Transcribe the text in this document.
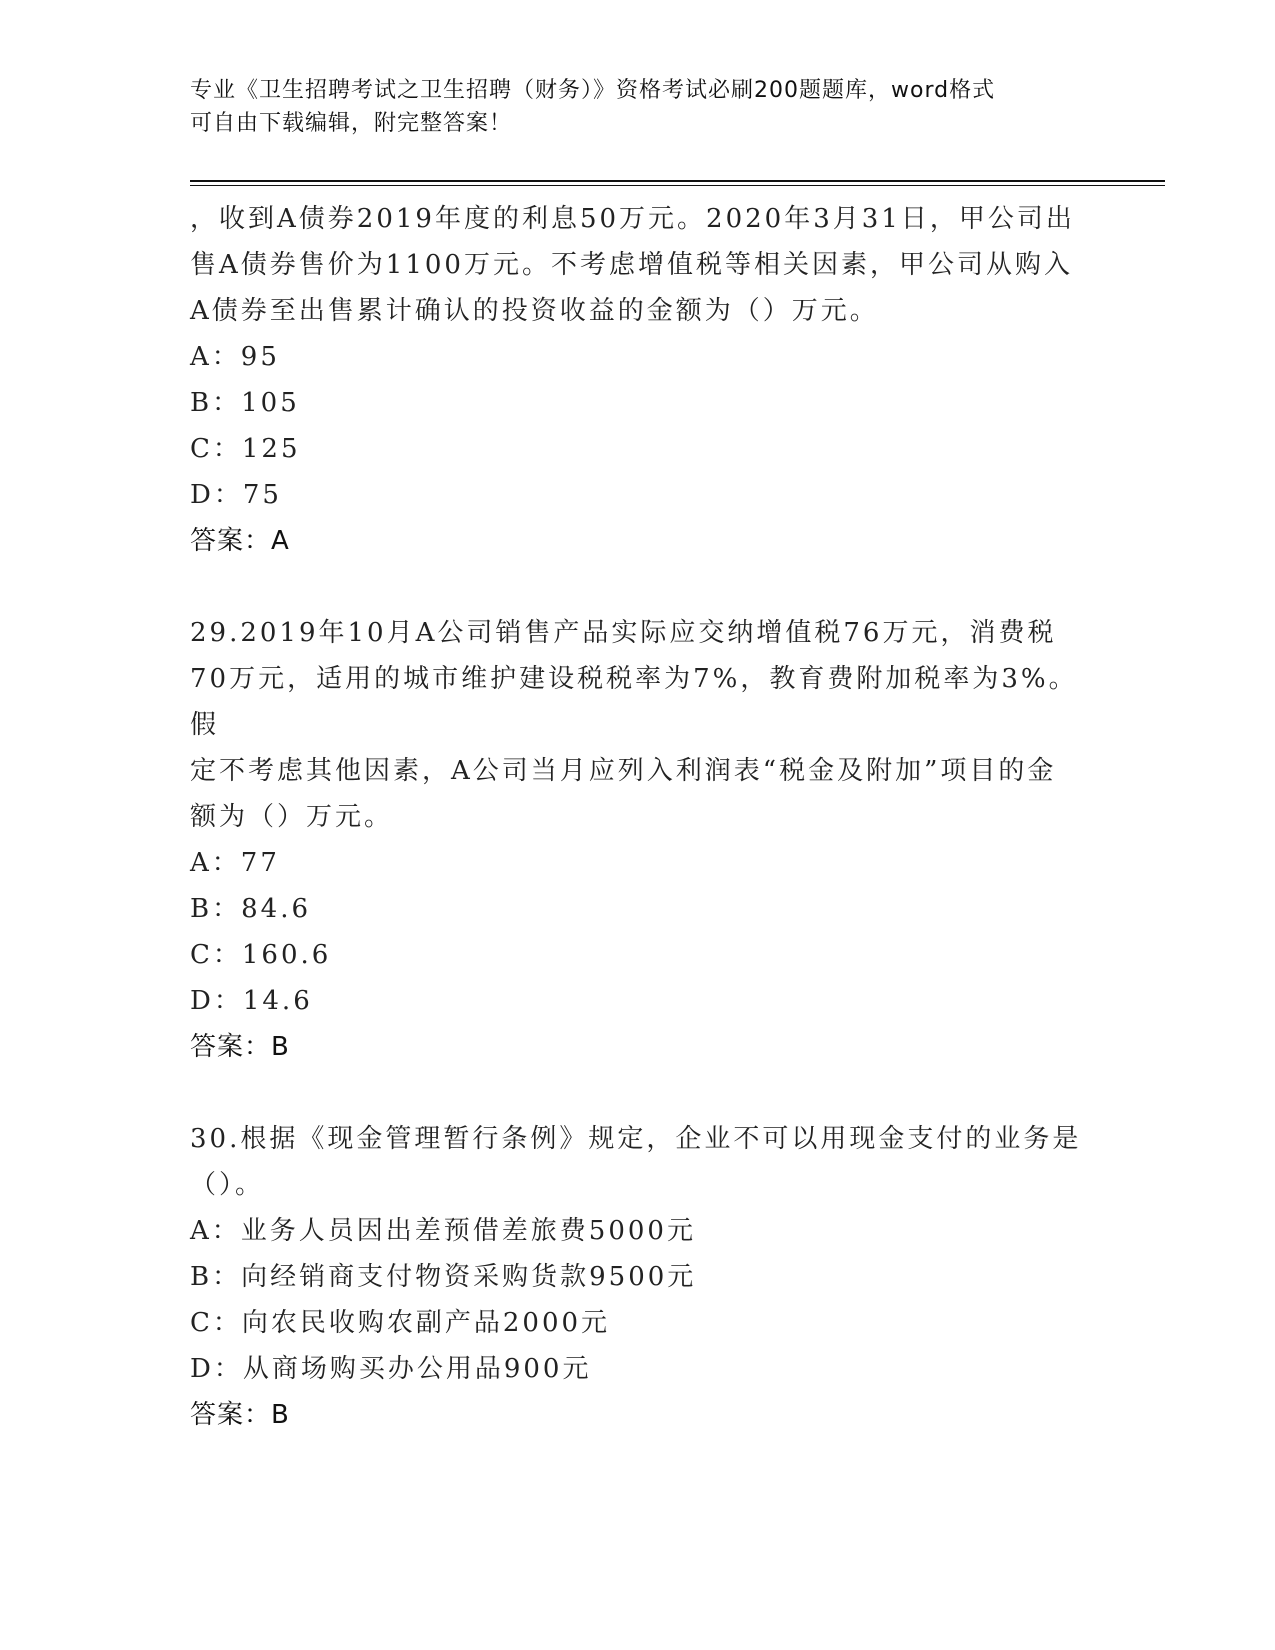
专业《卫生招聘考试之卫生招聘（财务）》资格考试必刷200题题库，word格式
可自由下载编辑，附完整答案！

，收到A债券2019年度的利息50万元。2020年3月31日，甲公司出

售A债券售价为1100万元。不考虑增值税等相关因素，甲公司从购入

A债券至出售累计确认的投资收益的金额为（）万元。

A：95

B：105

C：125

D：75

答案：A

29.2019年10月A公司销售产品实际应交纳增值税76万元，消费税

70万元，适用的城市维护建设税税率为7%，教育费附加税率为3%。假

定不考虑其他因素，A公司当月应列入利润表“税金及附加”项目的金

额为（）万元。

A：77

B：84.6

C：160.6

D：14.6

答案：B

30.根据《现金管理暂行条例》规定，企业不可以用现金支付的业务是

（）。

A：业务人员因出差预借差旅费5000元

B：向经销商支付物资采购货款9500元

C：向农民收购农副产品2000元

D：从商场购买办公用品900元

答案：B
